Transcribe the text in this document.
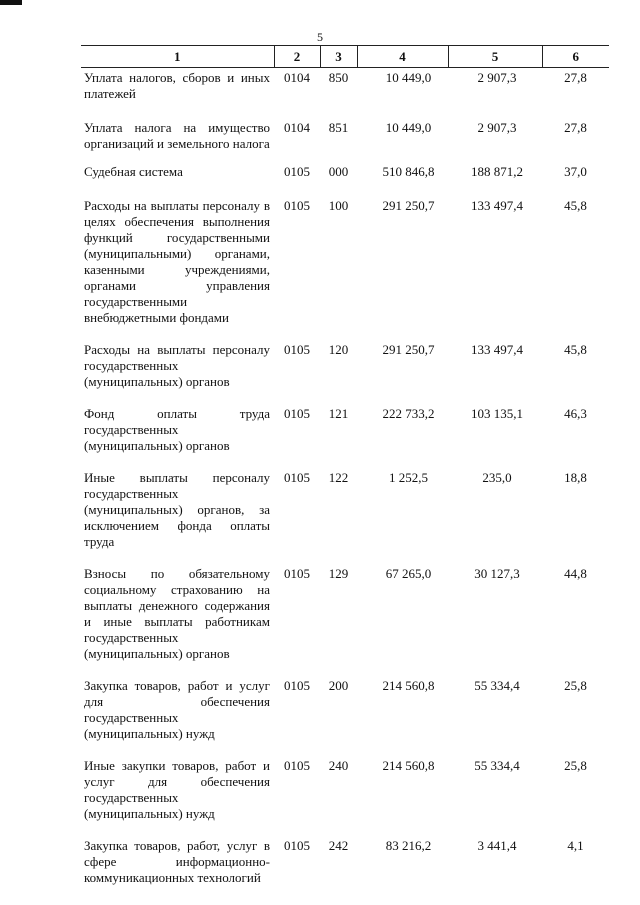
5
1	2	3	4	5	6
Уплата налогов, сборов и иных платежей	0104	850	10 449,0	2 907,3	27,8
Уплата налога на имущество организаций и земельного налога	0104	851	10 449,0	2 907,3	27,8
Судебная система	0105	000	510 846,8	188 871,2	37,0
Расходы на выплаты персоналу в целях обеспечения выполнения функций государственными (муниципальными) органами, казенными учреждениями, органами управления государственными внебюджетными фондами	0105	100	291 250,7	133 497,4	45,8
Расходы на выплаты персоналу государственных (муниципальных) органов	0105	120	291 250,7	133 497,4	45,8
Фонд оплаты труда государственных (муниципальных) органов	0105	121	222 733,2	103 135,1	46,3
Иные выплаты персоналу государственных (муниципальных) органов, за исключением фонда оплаты труда	0105	122	1 252,5	235,0	18,8
Взносы по обязательному социальному страхованию на выплаты денежного содержания и иные выплаты работникам государственных (муниципальных) органов	0105	129	67 265,0	30 127,3	44,8
Закупка товаров, работ и услуг для обеспечения государственных (муниципальных) нужд	0105	200	214 560,8	55 334,4	25,8
Иные закупки товаров, работ и услуг для обеспечения государственных (муниципальных) нужд	0105	240	214 560,8	55 334,4	25,8
Закупка товаров, работ, услуг в сфере информационно-коммуникационных технологий	0105	242	83 216,2	3 441,4	4,1
